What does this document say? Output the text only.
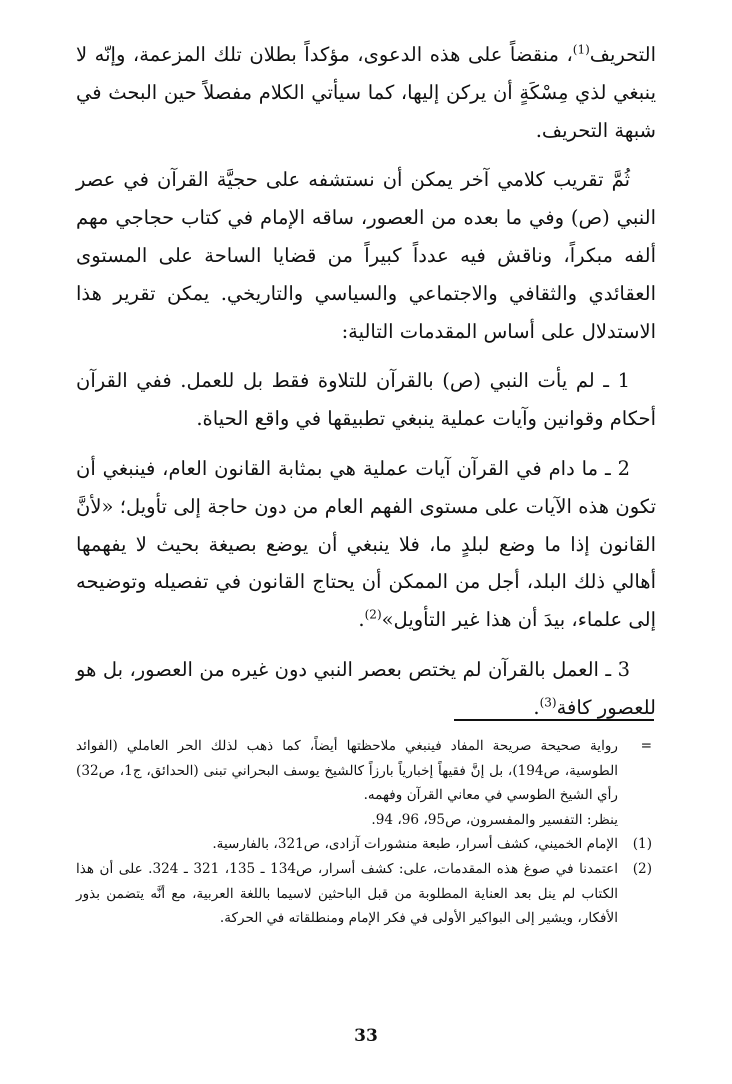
التحريف$^{(1)}$، منقضاً على هذه الدعوى، مؤكداً بطلان تلك المزعمة، وإنّه لا ينبغي لذي مِسْكَةٍ أن يركن إليها، كما سيأتي الكلام مفصلاً حين البحث في شبهة التحريف.

ثُمَّ تقريب كلامي آخر يمكن أن نستشفه على حجيَّة القرآن في عصر النبي (ص) وفي ما بعده من العصور، ساقه الإمام في كتاب حجاجي مهم ألفه مبكراً، وناقش فيه عدداً كبيراً من قضايا الساحة على المستوى العقائدي والثقافي والاجتماعي والسياسي والتاريخي. يمكن تقرير هذا الاستدلال على أساس المقدمات التالية:

1 ـ لم يأت النبي (ص) بالقرآن للتلاوة فقط بل للعمل. ففي القرآن أحكام وقوانين وآيات عملية ينبغي تطبيقها في واقع الحياة.

2 ـ ما دام في القرآن آيات عملية هي بمثابة القانون العام، فينبغي أن تكون هذه الآيات على مستوى الفهم العام من دون حاجة إلى تأويل؛ «لأنَّ القانون إذا ما وضع لبلدٍ ما، فلا ينبغي أن يوضع بصيغة بحيث لا يفهمها أهالي ذلك البلد، أجل من الممكن أن يحتاج القانون في تفصيله وتوضيحه إلى علماء، بيدَ أن هذا غير التأويل»$^{(2)}$.

3 ـ العمل بالقرآن لم يختص بعصر النبي دون غيره من العصور، بل هو للعصور كافة$^{(3)}$.

=
رواية صحيحة صريحة المفاد فينبغي ملاحظتها أيضاً، كما ذهب لذلك الحر العاملي (الفوائد الطوسية، ص194)، بل إنَّ فقيهاً إخبارياً بارزاً كالشيخ يوسف البحراني تبنى (الحدائق، ج1، ص32) رأي الشيخ الطوسي في معاني القرآن وفهمه.
ينظر: التفسير والمفسرون، ص95، 96، 94.
(1)
الإمام الخميني، كشف أسرار، طبعة منشورات آزادى، ص321، بالفارسية.
(2)
اعتمدنا في صوغ هذه المقدمات، على: كشف أسرار، ص134 ـ 135، 321 ـ 324. على أن هذا الكتاب لم ينل بعد العناية المطلوبة من قبل الباحثين لاسيما باللغة العربية، مع أنَّه يتضمن بذور الأفكار، ويشير إلى البواكير الأولى في فكر الإمام ومنطلقاته في الحركة.
33
